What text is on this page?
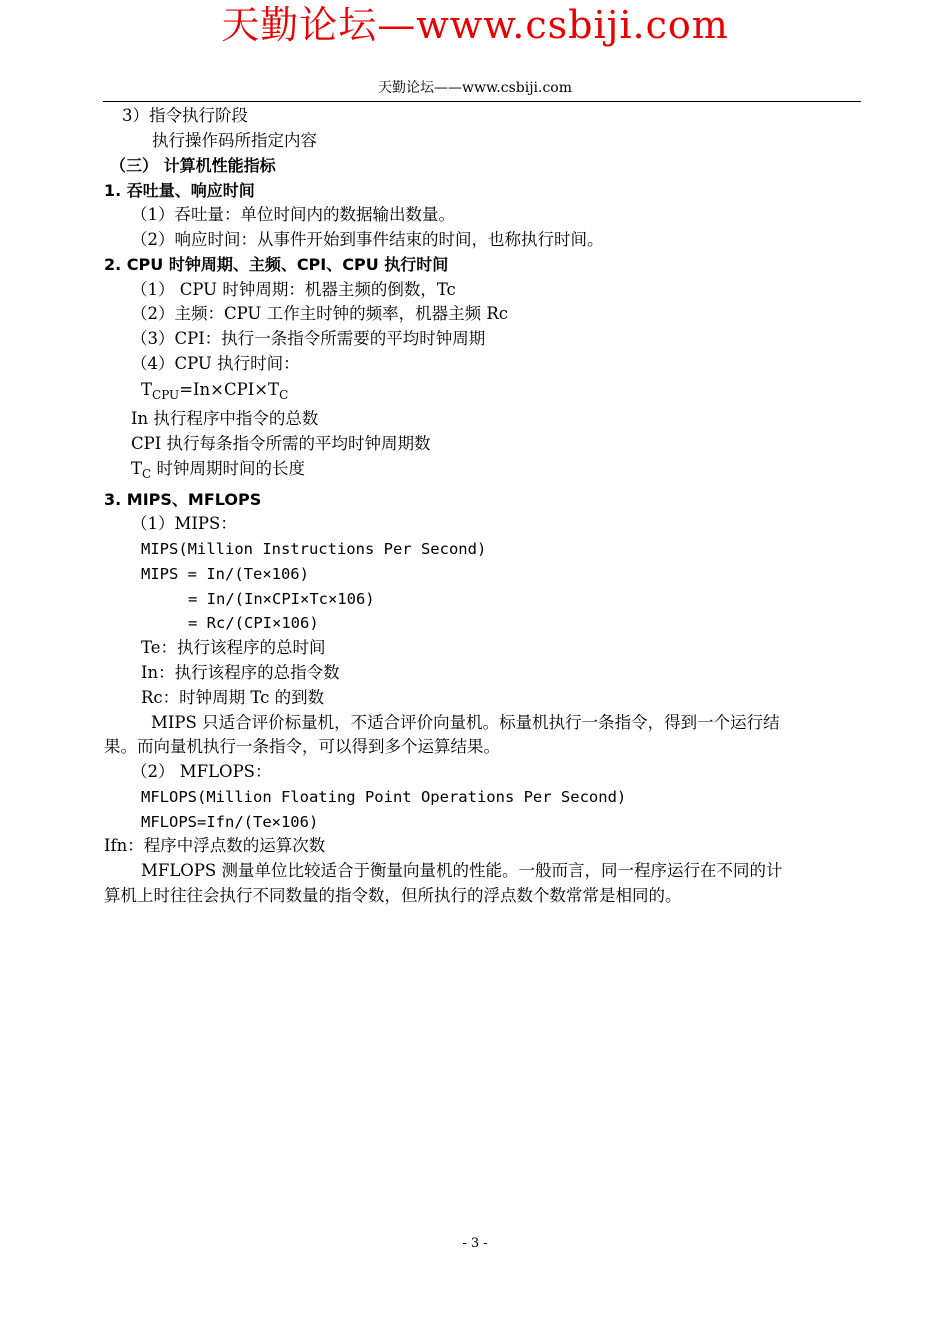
天勤论坛—www.csbiji.com
天勤论坛——www.csbiji.com
3）指令执行阶段
执行操作码所指定内容
（三） 计算机性能指标
1. 吞吐量、响应时间
（1）吞吐量：单位时间内的数据输出数量。
（2）响应时间：从事件开始到事件结束的时间，也称执行时间。
2. CPU 时钟周期、主频、CPI、CPU 执行时间
（1） CPU 时钟周期：机器主频的倒数，Tc
（2）主频：CPU 工作主时钟的频率，机器主频 Rc
（3）CPI：执行一条指令所需要的平均时钟周期
（4）CPU 执行时间：
$T_{CPU}=In\times CPI\times T_C$
In 执行程序中指令的总数
CPI 执行每条指令所需的平均时钟周期数
$T_C$ 时钟周期时间的长度
3. MIPS、MFLOPS
（1）MIPS：
MIPS(Million Instructions Per Second)
MIPS = In/(Te×106)
= In/(In×CPI×Tc×106)
= Rc/(CPI×106)
Te：执行该程序的总时间
In：执行该程序的总指令数
Rc：时钟周期 Tc 的到数
MIPS 只适合评价标量机，不适合评价向量机。标量机执行一条指令，得到一个运行结
果。而向量机执行一条指令，可以得到多个运算结果。
（2） MFLOPS：
MFLOPS(Million Floating Point Operations Per Second)
MFLOPS=Ifn/(Te×106)
Ifn：程序中浮点数的运算次数
MFLOPS 测量单位比较适合于衡量向量机的性能。一般而言，同一程序运行在不同的计
算机上时往往会执行不同数量的指令数，但所执行的浮点数个数常常是相同的。
- 3 -
